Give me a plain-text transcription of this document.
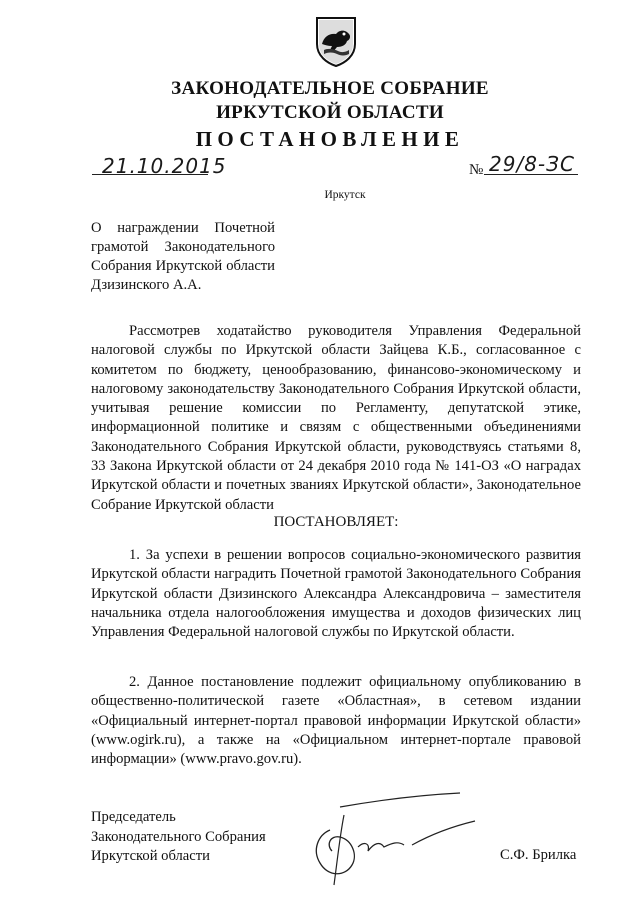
ЗАКОНОДАТЕЛЬНОЕ СОБРАНИЕ
ИРКУТСКОЙ ОБЛАСТИ
ПОСТАНОВЛЕНИЕ
21.10.2015	№ 29/8-ЗС
Иркутск
О награждении Почетной грамотой Законодательного Собрания Иркутской области Дзизинского А.А.

Рассмотрев ходатайство руководителя Управления Федеральной налоговой службы по Иркутской области Зайцева К.Б., согласованное с комитетом по бюджету, ценообразованию, финансово-экономическому и налоговому законодательству Законодательного Собрания Иркутской области, учитывая решение комиссии по Регламенту, депутатской этике, информационной политике и связям с общественными объединениями Законодательного Собрания Иркутской области, руководствуясь статьями 8, 33 Закона Иркутской области от 24 декабря 2010 года № 141-ОЗ «О наградах Иркутской области и почетных званиях Иркутской области», Законодательное Собрание Иркутской области

ПОСТАНОВЛЯЕТ:

1. За успехи в решении вопросов социально-экономического развития Иркутской области наградить Почетной грамотой Законодательного Собрания Иркутской области Дзизинского Александра Александровича – заместителя начальника отдела налогообложения имущества и доходов физических лиц Управления Федеральной налоговой службы по Иркутской области.

2. Данное постановление подлежит официальному опубликованию в общественно-политической газете «Областная», в сетевом издании «Официальный интернет-портал правовой информации Иркутской области» (www.ogirk.ru), а также на «Официальном интернет-портале правовой информации» (www.pravo.gov.ru).

Председатель
Законодательного Собрания
Иркутской области	С.Ф. Брилка
